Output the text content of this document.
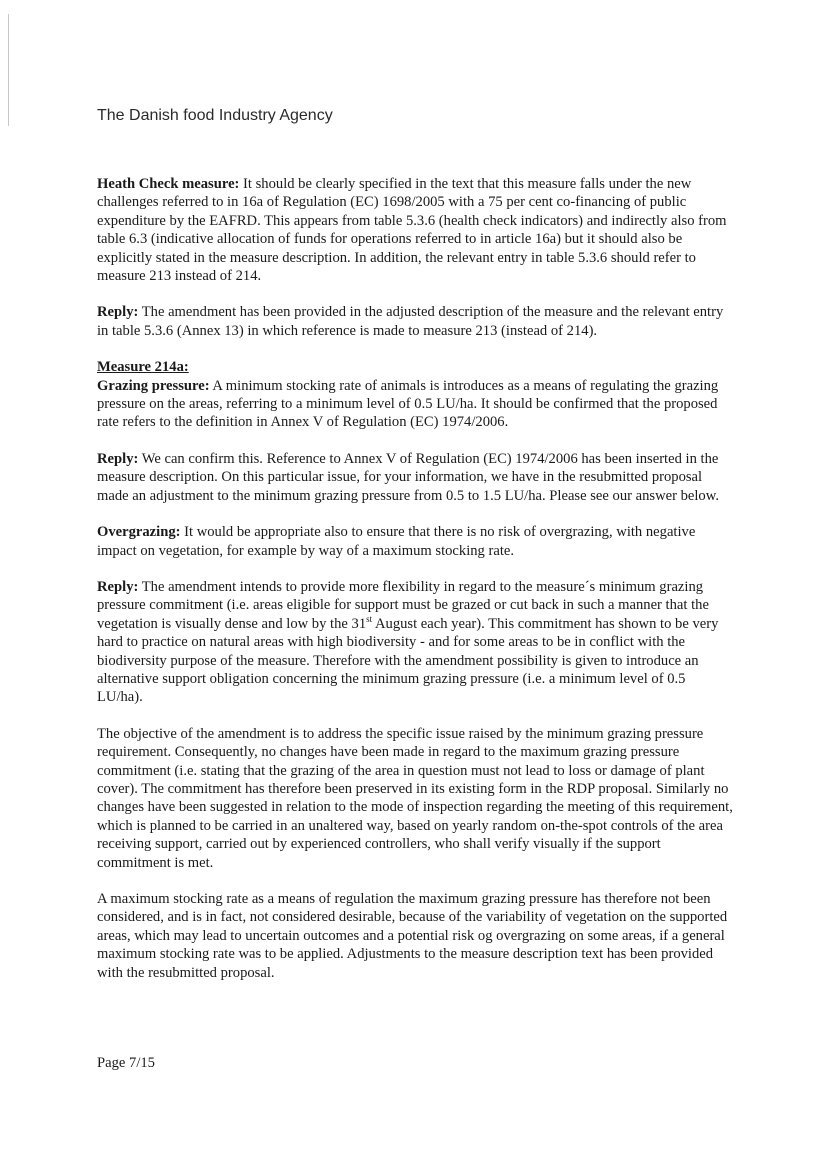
The Danish food Industry Agency

Heath Check measure: It should be clearly specified in the text that this measure falls under the new challenges referred to in 16a of Regulation (EC) 1698/2005 with a 75 per cent co-financing of public expenditure by the EAFRD. This appears from table 5.3.6 (health check indicators) and indirectly also from table 6.3 (indicative allocation of funds for operations referred to in article 16a) but it should also be explicitly stated in the measure description. In addition, the relevant entry in table 5.3.6 should refer to measure 213 instead of 214.

Reply: The amendment has been provided in the adjusted description of the measure and the relevant entry in table 5.3.6 (Annex 13) in which reference is made to measure 213 (instead of 214).

Measure 214a:

Grazing pressure: A minimum stocking rate of animals is introduces as a means of regulating the grazing pressure on the areas, referring to a minimum level of 0.5 LU/ha. It should be confirmed that the proposed rate refers to the definition in Annex V of Regulation (EC) 1974/2006.

Reply: We can confirm this. Reference to Annex V of Regulation (EC) 1974/2006 has been inserted in the measure description. On this particular issue, for your information, we have in the resubmitted proposal made an adjustment to the minimum grazing pressure from 0.5 to 1.5 LU/ha. Please see our answer below.

Overgrazing: It would be appropriate also to ensure that there is no risk of overgrazing, with negative impact on vegetation, for example by way of a maximum stocking rate.

Reply: The amendment intends to provide more flexibility in regard to the measure´s minimum grazing pressure commitment (i.e. areas eligible for support must be grazed or cut back in such a manner that the vegetation is visually dense and low by the 31st August each year). This commitment has shown to be very hard to practice on natural areas with high biodiversity - and for some areas to be in conflict with the biodiversity purpose of the measure. Therefore with the amendment possibility is given to introduce an alternative support obligation concerning the minimum grazing pressure (i.e. a minimum level of 0.5 LU/ha).

The objective of the amendment is to address the specific issue raised by the minimum grazing pressure requirement. Consequently, no changes have been made in regard to the maximum grazing pressure commitment (i.e. stating that the grazing of the area in question must not lead to loss or damage of plant cover). The commitment has therefore been preserved in its existing form in the RDP proposal. Similarly no changes have been suggested in relation to the mode of inspection regarding the meeting of this requirement, which is planned to be carried in an unaltered way, based on yearly random on-the-spot controls of the area receiving support, carried out by experienced controllers, who shall verify visually if the support commitment is met.

A maximum stocking rate as a means of regulation the maximum grazing pressure has therefore not been considered, and is in fact, not considered desirable, because of the variability of vegetation on the supported areas, which may lead to uncertain outcomes and a potential risk og overgrazing on some areas, if a general maximum stocking rate was to be applied. Adjustments to the measure description text has been provided with the resubmitted proposal.

Page 7/15
